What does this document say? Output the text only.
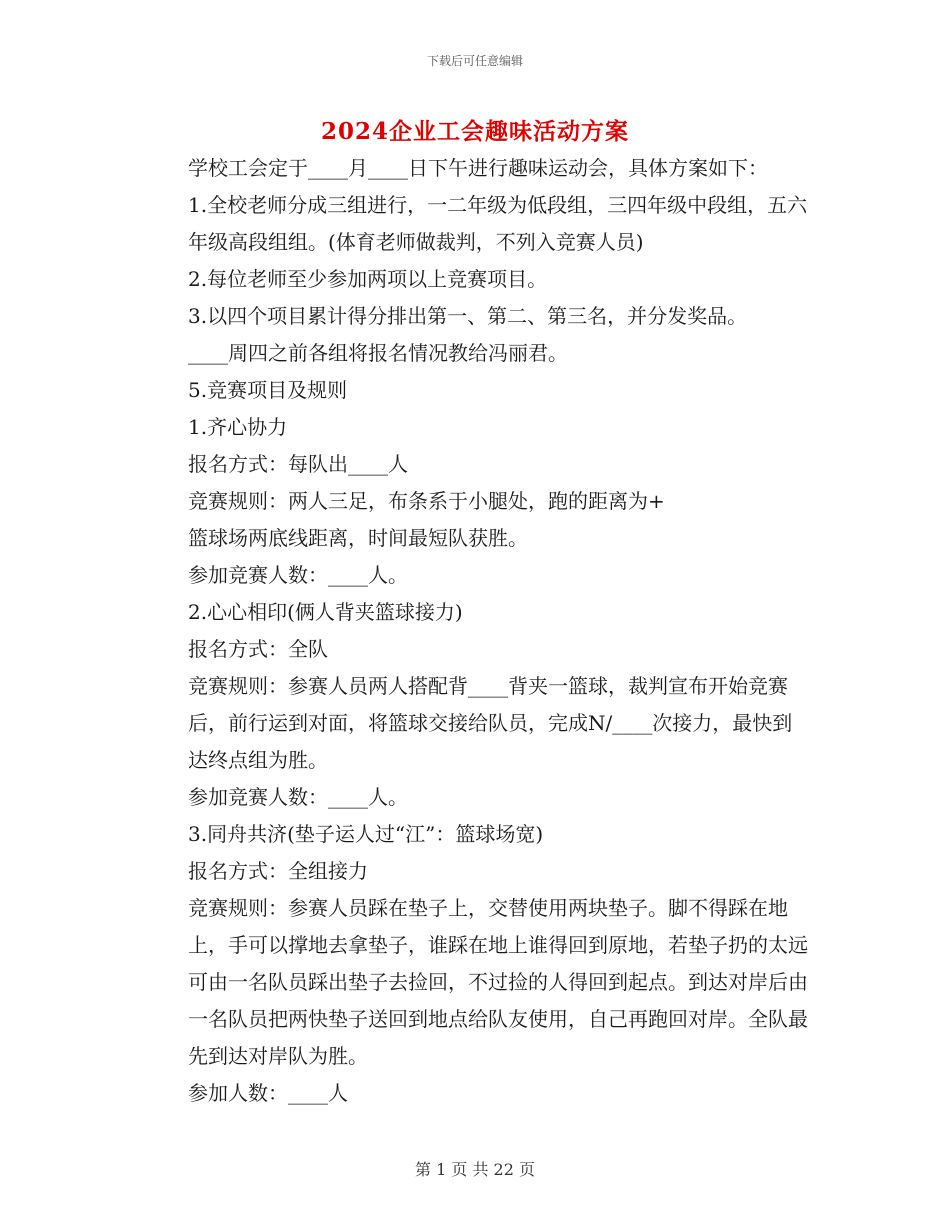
下载后可任意编辑
2024企业工会趣味活动方案

学校工会定于____月____日下午进行趣味运动会，具体方案如下：

1.全校老师分成三组进行，一二年级为低段组，三四年级中段组，五六年级高段组组。(体育老师做裁判，不列入竞赛人员)

2.每位老师至少参加两项以上竞赛项目。

3.以四个项目累计得分排出第一、第二、第三名，并分发奖品。

____周四之前各组将报名情况教给冯丽君。

5.竞赛项目及规则

1.齐心协力

报名方式：每队出____人

竞赛规则：两人三足，布条系于小腿处，跑的距离为+

篮球场两底线距离，时间最短队获胜。

参加竞赛人数：____人。

2.心心相印(俩人背夹篮球接力)

报名方式：全队

竞赛规则：参赛人员两人搭配背____背夹一篮球，裁判宣布开始竞赛后，前行运到对面，将篮球交接给队员，完成N/____次接力，最快到达终点组为胜。

参加竞赛人数：____人。

3.同舟共济(垫子运人过“江”：篮球场宽)

报名方式：全组接力

竞赛规则：参赛人员踩在垫子上，交替使用两块垫子。脚不得踩在地上，手可以撑地去拿垫子，谁踩在地上谁得回到原地，若垫子扔的太远可由一名队员踩出垫子去捡回，不过捡的人得回到起点。到达对岸后由一名队员把两快垫子送回到地点给队友使用，自己再跑回对岸。全队最先到达对岸队为胜。

参加人数：____人

第 1 页 共 22 页
